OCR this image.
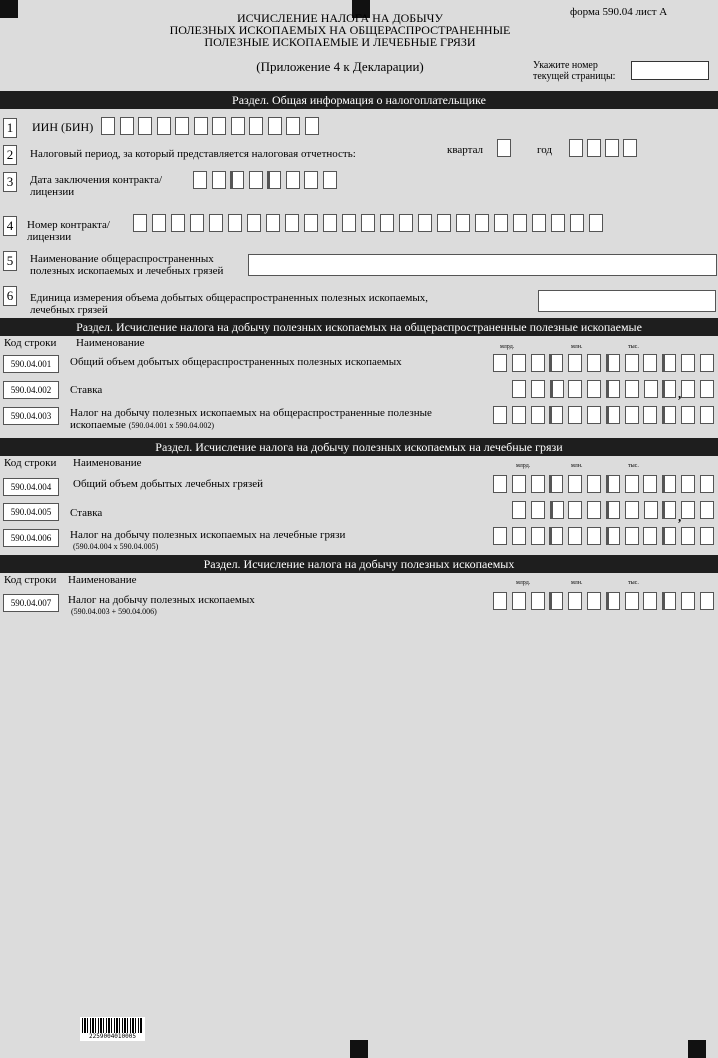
ИСЧИСЛЕНИЕ НАЛОГА НА ДОБЫЧУ
ПОЛЕЗНЫХ ИСКОПАЕМЫХ НА ОБЩЕРАСПРОСТРАНЕННЫЕ
ПОЛЕЗНЫЕ ИСКОПАЕМЫЕ И ЛЕЧЕБНЫЕ ГРЯЗИ
(Приложение 4 к Декларации)
форма 590.04 лист А
Укажите номер
текущей страницы:
Раздел. Общая информация о налогоплательщике
1	ИИН (БИН)
2	Налоговый период, за который представляется налоговая отчетность:	квартал	год
3	Дата заключения контракта/
лицензии
4	Номер контракта/
лицензии
5	Наименование общераспространенных
полезных ископаемых и лечебных грязей
6	Единица измерения объема добытых общераспространенных полезных ископаемых,
лечебных грязей
Раздел. Исчисление налога на добычу полезных ископаемых на общераспространенные полезные ископаемые
Код строки Наименование	млрд.	млн.	тыс.
590.04.001	Общий объем добытых общераспространенных полезных ископаемых
590.04.002	Ставка	,
590.04.003	Налог на добычу полезных ископаемых на общераспространенные полезные
ископаемые (590.04.001 x 590.04.002)
Раздел. Исчисление налога на добычу полезных ископаемых на лечебные грязи
Код строки Наименование	млрд.	млн.	тыс.
590.04.004	Общий объем добытых лечебных грязей
590.04.005	Ставка	,
590.04.006	Налог на добычу полезных ископаемых на лечебные грязи
(590.04.004 x 590.04.005)
Раздел. Исчисление налога на добычу полезных ископаемых
Код строки Наименование	млрд.	млн.	тыс.
590.04.007	Налог на добычу полезных ископаемых
(590.04.003 + 590.04.006)
2259004010005
